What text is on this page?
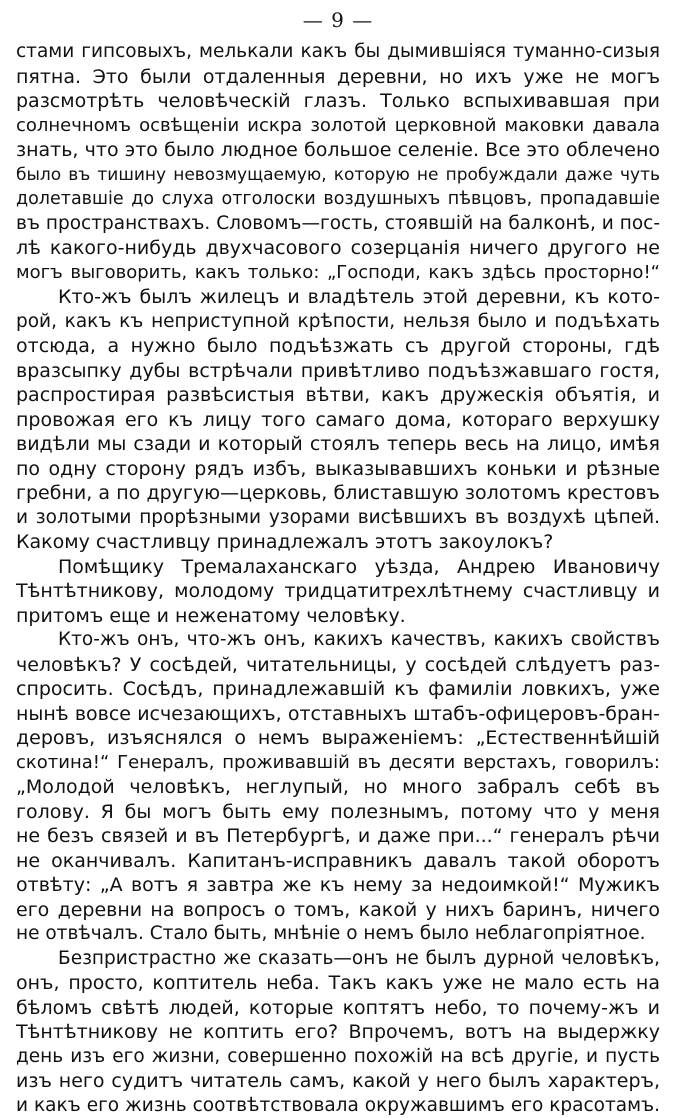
— 9 —
стами гипсовыхъ, мелькали какъ бы дымившіяся туманно-сизыя
пятна. Это были отдаленныя деревни, но ихъ уже не могъ
разсмотрѣть человѣческій глазъ. Только вспыхивавшая при
солнечномъ освѣщеніи искра золотой церковной маковки давала
знать, что это было людное большое селеніе. Все это облечено
было въ тишину невозмущаемую, которую не пробуждали даже чуть
долетавшіе до слуха отголоски воздушныхъ пѣвцовъ, пропадавшіе
въ пространствахъ. Словомъ—гость, стоявшій на балконѣ, и пос-
лѣ какого-нибудь двухчасового созерцанія ничего другого не
могъ выговорить, какъ только: „Господи, какъ здѣсь просторно!“
Кто-жъ былъ жилецъ и владѣтель этой деревни, къ кото-
рой, какъ къ неприступной крѣпости, нельзя было и подъѣхать
отсюда, а нужно было подъѣзжать съ другой стороны, гдѣ
вразсыпку дубы встрѣчали привѣтливо подъѣзжавшаго гостя,
распростирая развѣсистыя вѣтви, какъ дружескія объятія, и
провожая его къ лицу того самаго дома, котораго верхушку
видѣли мы сзади и который стоялъ теперь весь на лицо, имѣя
по одну сторону рядъ избъ, выказывавшихъ коньки и рѣзные
гребни, а по другую—церковь, блиставшую золотомъ крестовъ
и золотыми прорѣзными узорами висѣвшихъ въ воздухѣ цѣпей.
Какому счастливцу принадлежалъ этотъ закоулокъ?
Помѣщику Тремалаханскаго уѣзда, Андрею Ивановичу
Тѣнтѣтникову, молодому тридцатитрехлѣтнему счастливцу и
притомъ еще и неженатому человѣку.
Кто-жъ онъ, что-жъ онъ, какихъ качествъ, какихъ свойствъ
человѣкъ? У сосѣдей, читательницы, у сосѣдей слѣдуетъ раз-
спросить. Сосѣдъ, принадлежавшій къ фамиліи ловкихъ, уже
нынѣ вовсе исчезающихъ, отставныхъ штабъ-офицеровъ-бран-
деровъ, изъяснялся о немъ выраженіемъ: „Естественнѣйшій
скотина!“ Генералъ, проживавшій въ десяти верстахъ, говорилъ:
„Молодой человѣкъ, неглупый, но много забралъ себѣ въ
голову. Я бы могъ быть ему полезнымъ, потому что у меня
не безъ связей и въ Петербургѣ, и даже при...“ генералъ рѣчи
не оканчивалъ. Капитанъ-исправникъ давалъ такой оборотъ
отвѣту: „А вотъ я завтра же къ нему за недоимкой!“ Мужикъ
его деревни на вопросъ о томъ, какой у нихъ баринъ, ничего
не отвѣчалъ. Стало быть, мнѣніе о немъ было неблагопріятное.
Безпристрастно же сказать—онъ не былъ дурной человѣкъ,
онъ, просто, коптитель неба. Такъ какъ уже не мало есть на
бѣломъ свѣтѣ людей, которые коптятъ небо, то почему-жъ и
Тѣнтѣтникову не коптить его? Впрочемъ, вотъ на выдержку
день изъ его жизни, совершенно похожій на всѣ другіе, и пусть
изъ него судитъ читатель самъ, какой у него былъ характеръ,
и какъ его жизнь соотвѣтствовала окружавшимъ его красотамъ.
